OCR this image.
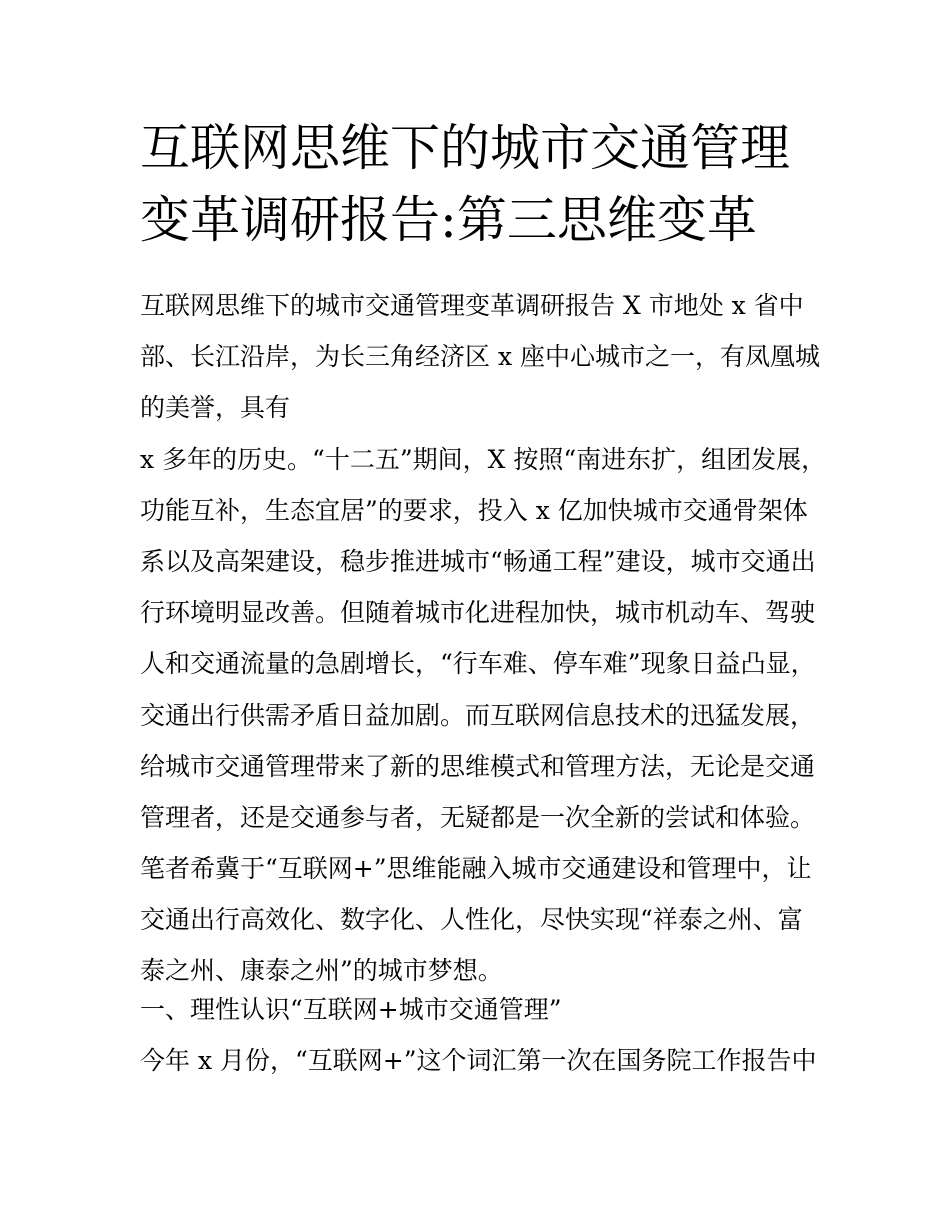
互联网思维下的城市交通管理
变革调研报告:第三思维变革
互联网思维下的城市交通管理变革调研报告 X 市地处 x 省中
部、长江沿岸，为长三角经济区 x 座中心城市之一，有凤凰城
的美誉，具有
x 多年的历史。“十二五”期间，X 按照“南进东扩，组团发展，
功能互补，生态宜居”的要求，投入 x 亿加快城市交通骨架体
系以及高架建设，稳步推进城市“畅通工程”建设，城市交通出
行环境明显改善。但随着城市化进程加快，城市机动车、驾驶
人和交通流量的急剧增长，“行车难、停车难”现象日益凸显，
交通出行供需矛盾日益加剧。而互联网信息技术的迅猛发展，
给城市交通管理带来了新的思维模式和管理方法，无论是交通
管理者，还是交通参与者，无疑都是一次全新的尝试和体验。
笔者希冀于“互联网+”思维能融入城市交通建设和管理中，让
交通出行高效化、数字化、人性化，尽快实现“祥泰之州、富
泰之州、康泰之州”的城市梦想。
一、理性认识“互联网+城市交通管理”
今年 x 月份，“互联网+”这个词汇第一次在国务院工作报告中
